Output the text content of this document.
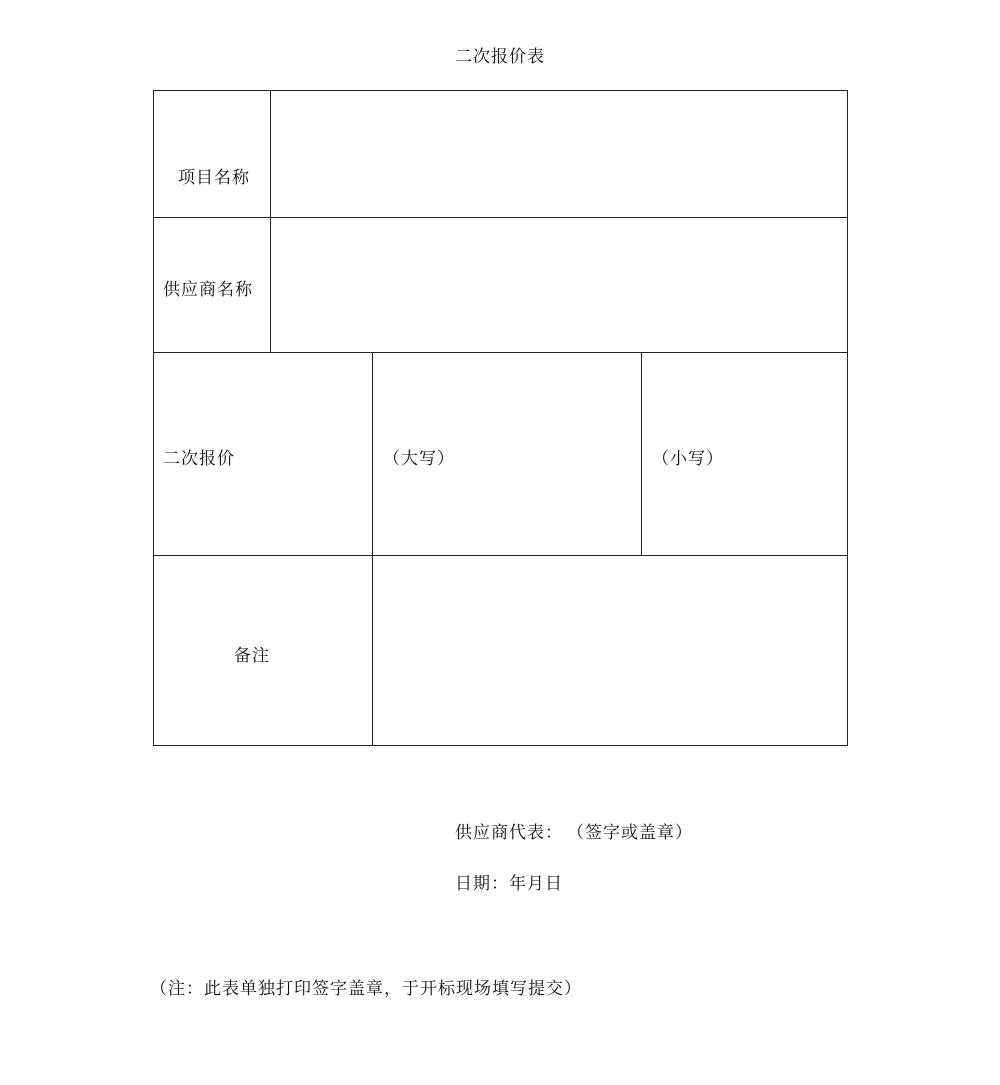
二次报价表
项目名称
供应商名称
二次报价	（大写）	（小写）
备注
供应商代表： （签字或盖章）
日期：年月日
（注：此表单独打印签字盖章，于开标现场填写提交）
